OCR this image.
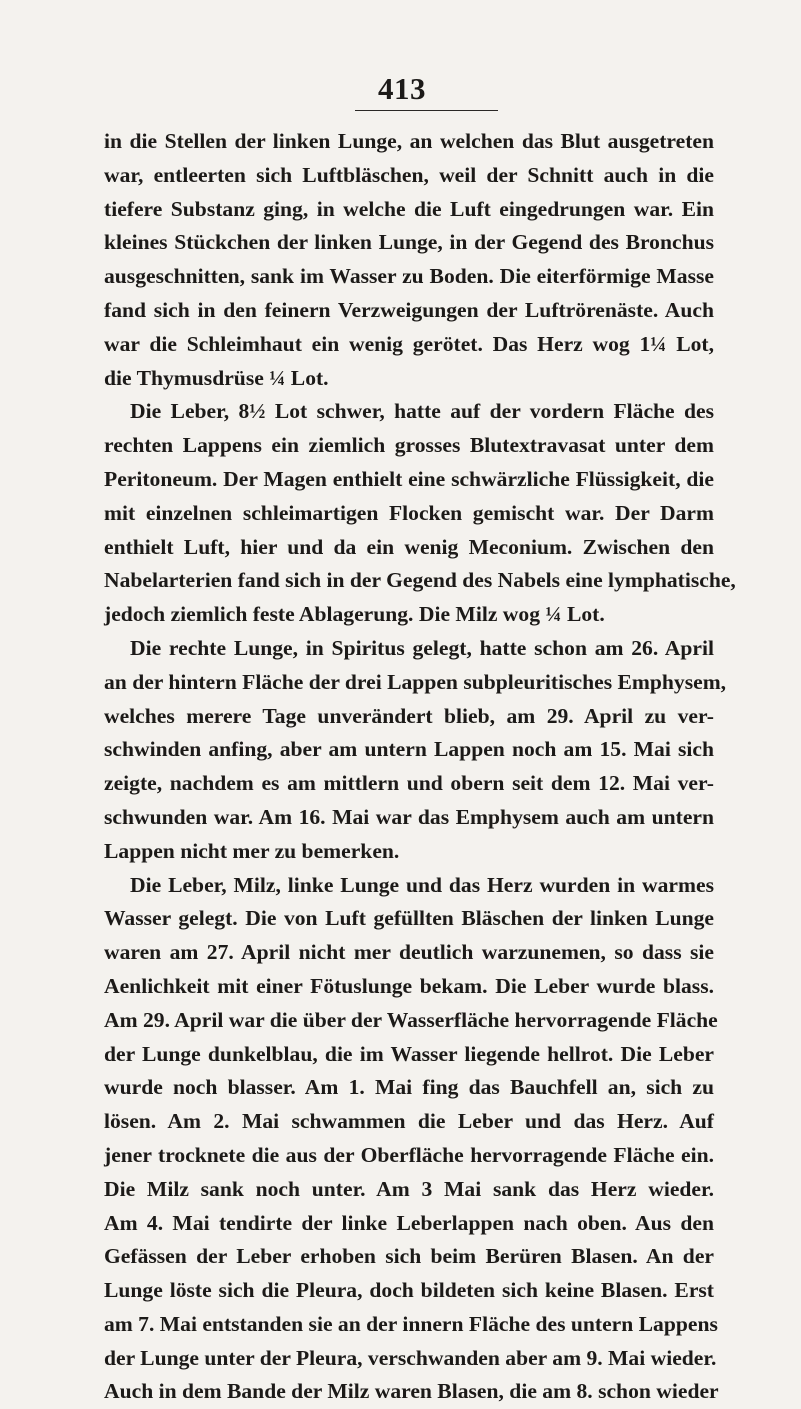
413
in die Stellen der linken Lunge, an welchen das Blut ausgetreten
war, entleerten sich Luftbläschen, weil der Schnitt auch in die
tiefere Substanz ging, in welche die Luft eingedrungen war. Ein
kleines Stückchen der linken Lunge, in der Gegend des Bronchus
ausgeschnitten, sank im Wasser zu Boden. Die eiterförmige Masse
fand sich in den feinern Verzweigungen der Luftrörenäste. Auch
war die Schleimhaut ein wenig gerötet. Das Herz wog 1¼ Lot,
die Thymusdrüse ¼ Lot.
Die Leber, 8½ Lot schwer, hatte auf der vordern Fläche des
rechten Lappens ein ziemlich grosses Blutextravasat unter dem
Peritoneum. Der Magen enthielt eine schwärzliche Flüssigkeit, die
mit einzelnen schleimartigen Flocken gemischt war. Der Darm
enthielt Luft, hier und da ein wenig Meconium. Zwischen den
Nabelarterien fand sich in der Gegend des Nabels eine lymphatische,
jedoch ziemlich feste Ablagerung. Die Milz wog ¼ Lot.
Die rechte Lunge, in Spiritus gelegt, hatte schon am 26. April
an der hintern Fläche der drei Lappen subpleuritisches Emphysem,
welches merere Tage unverändert blieb, am 29. April zu ver-
schwinden anfing, aber am untern Lappen noch am 15. Mai sich
zeigte, nachdem es am mittlern und obern seit dem 12. Mai ver-
schwunden war. Am 16. Mai war das Emphysem auch am untern
Lappen nicht mer zu bemerken.
Die Leber, Milz, linke Lunge und das Herz wurden in warmes
Wasser gelegt. Die von Luft gefüllten Bläschen der linken Lunge
waren am 27. April nicht mer deutlich warzunemen, so dass sie
Aenlichkeit mit einer Fötuslunge bekam. Die Leber wurde blass.
Am 29. April war die über der Wasserfläche hervorragende Fläche
der Lunge dunkelblau, die im Wasser liegende hellrot. Die Leber
wurde noch blasser. Am 1. Mai fing das Bauchfell an, sich zu
lösen. Am 2. Mai schwammen die Leber und das Herz. Auf
jener trocknete die aus der Oberfläche hervorragende Fläche ein.
Die Milz sank noch unter. Am 3 Mai sank das Herz wieder.
Am 4. Mai tendirte der linke Leberlappen nach oben. Aus den
Gefässen der Leber erhoben sich beim Berüren Blasen. An der
Lunge löste sich die Pleura, doch bildeten sich keine Blasen. Erst
am 7. Mai entstanden sie an der innern Fläche des untern Lappens
der Lunge unter der Pleura, verschwanden aber am 9. Mai wieder.
Auch in dem Bande der Milz waren Blasen, die am 8. schon wieder
